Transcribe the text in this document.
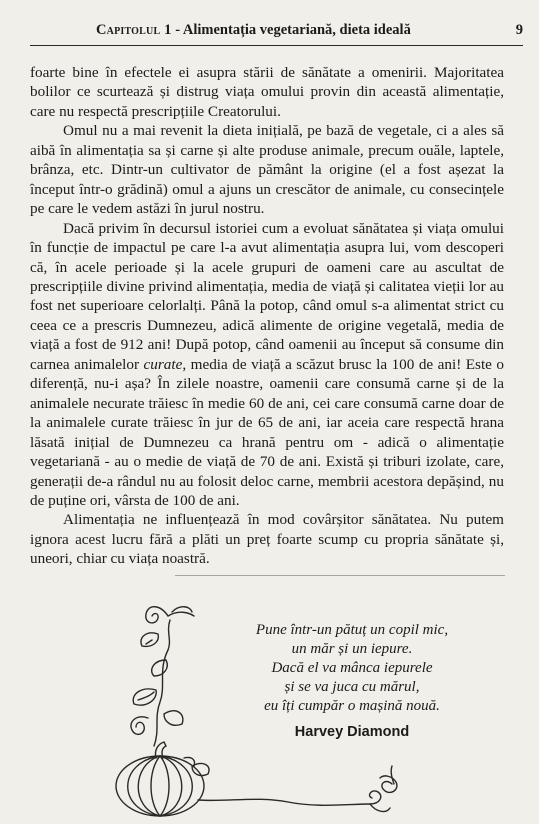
Capitolul 1 - Alimentația vegetariană, dieta ideală	9

foarte bine în efectele ei asupra stării de sănătate a omenirii. Majoritatea bolilor ce scurtează și distrug viața omului provin din această alimentație, care nu respectă prescripțiile Creatorului.

Omul nu a mai revenit la dieta inițială, pe bază de vegetale, ci a ales să aibă în alimentația sa și carne și alte produse animale, precum ouăle, laptele, brânza, etc. Dintr-un cultivator de pământ la origine (el a fost așezat la început într-o grădină) omul a ajuns un crescător de animale, cu consecințele pe care le vedem astăzi în jurul nostru.

Dacă privim în decursul istoriei cum a evoluat sănătatea și viața omului în funcție de impactul pe care l-a avut alimentația asupra lui, vom descoperi că, în acele perioade și la acele grupuri de oameni care au ascultat de prescripțiile divine privind alimentația, media de viață și calitatea vieții lor au fost net superioare celorlalți. Până la potop, când omul s-a alimentat strict cu ceea ce a prescris Dumnezeu, adică alimente de origine vegetală, media de viață a fost de 912 ani! După potop, când oamenii au început să consume din carnea animalelor curate, media de viață a scăzut brusc la 100 de ani! Este o diferență, nu-i așa? În zilele noastre, oamenii care consumă carne și de la animalele necurate trăiesc în medie 60 de ani, cei care consumă carne doar de la animalele curate trăiesc în jur de 65 de ani, iar aceia care respectă hrana lăsată inițial de Dumnezeu ca hrană pentru om - adică o alimentație vegetariană - au o medie de viață de 70 de ani. Există și triburi izolate, care, generații de-a rândul nu au folosit deloc carne, membrii acestora depășind, nu de puține ori, vârsta de 100 de ani.

Alimentația ne influențează în mod covârșitor sănătatea. Nu putem ignora acest lucru fără a plăti un preț foarte scump cu propria sănătate și, uneori, chiar cu viața noastră.

Pune într-un pătuț un copil mic,
un măr și un iepure.
Dacă el va mânca iepurele
și se va juca cu mărul,
eu îți cumpăr o mașină nouă.
Harvey Diamond
